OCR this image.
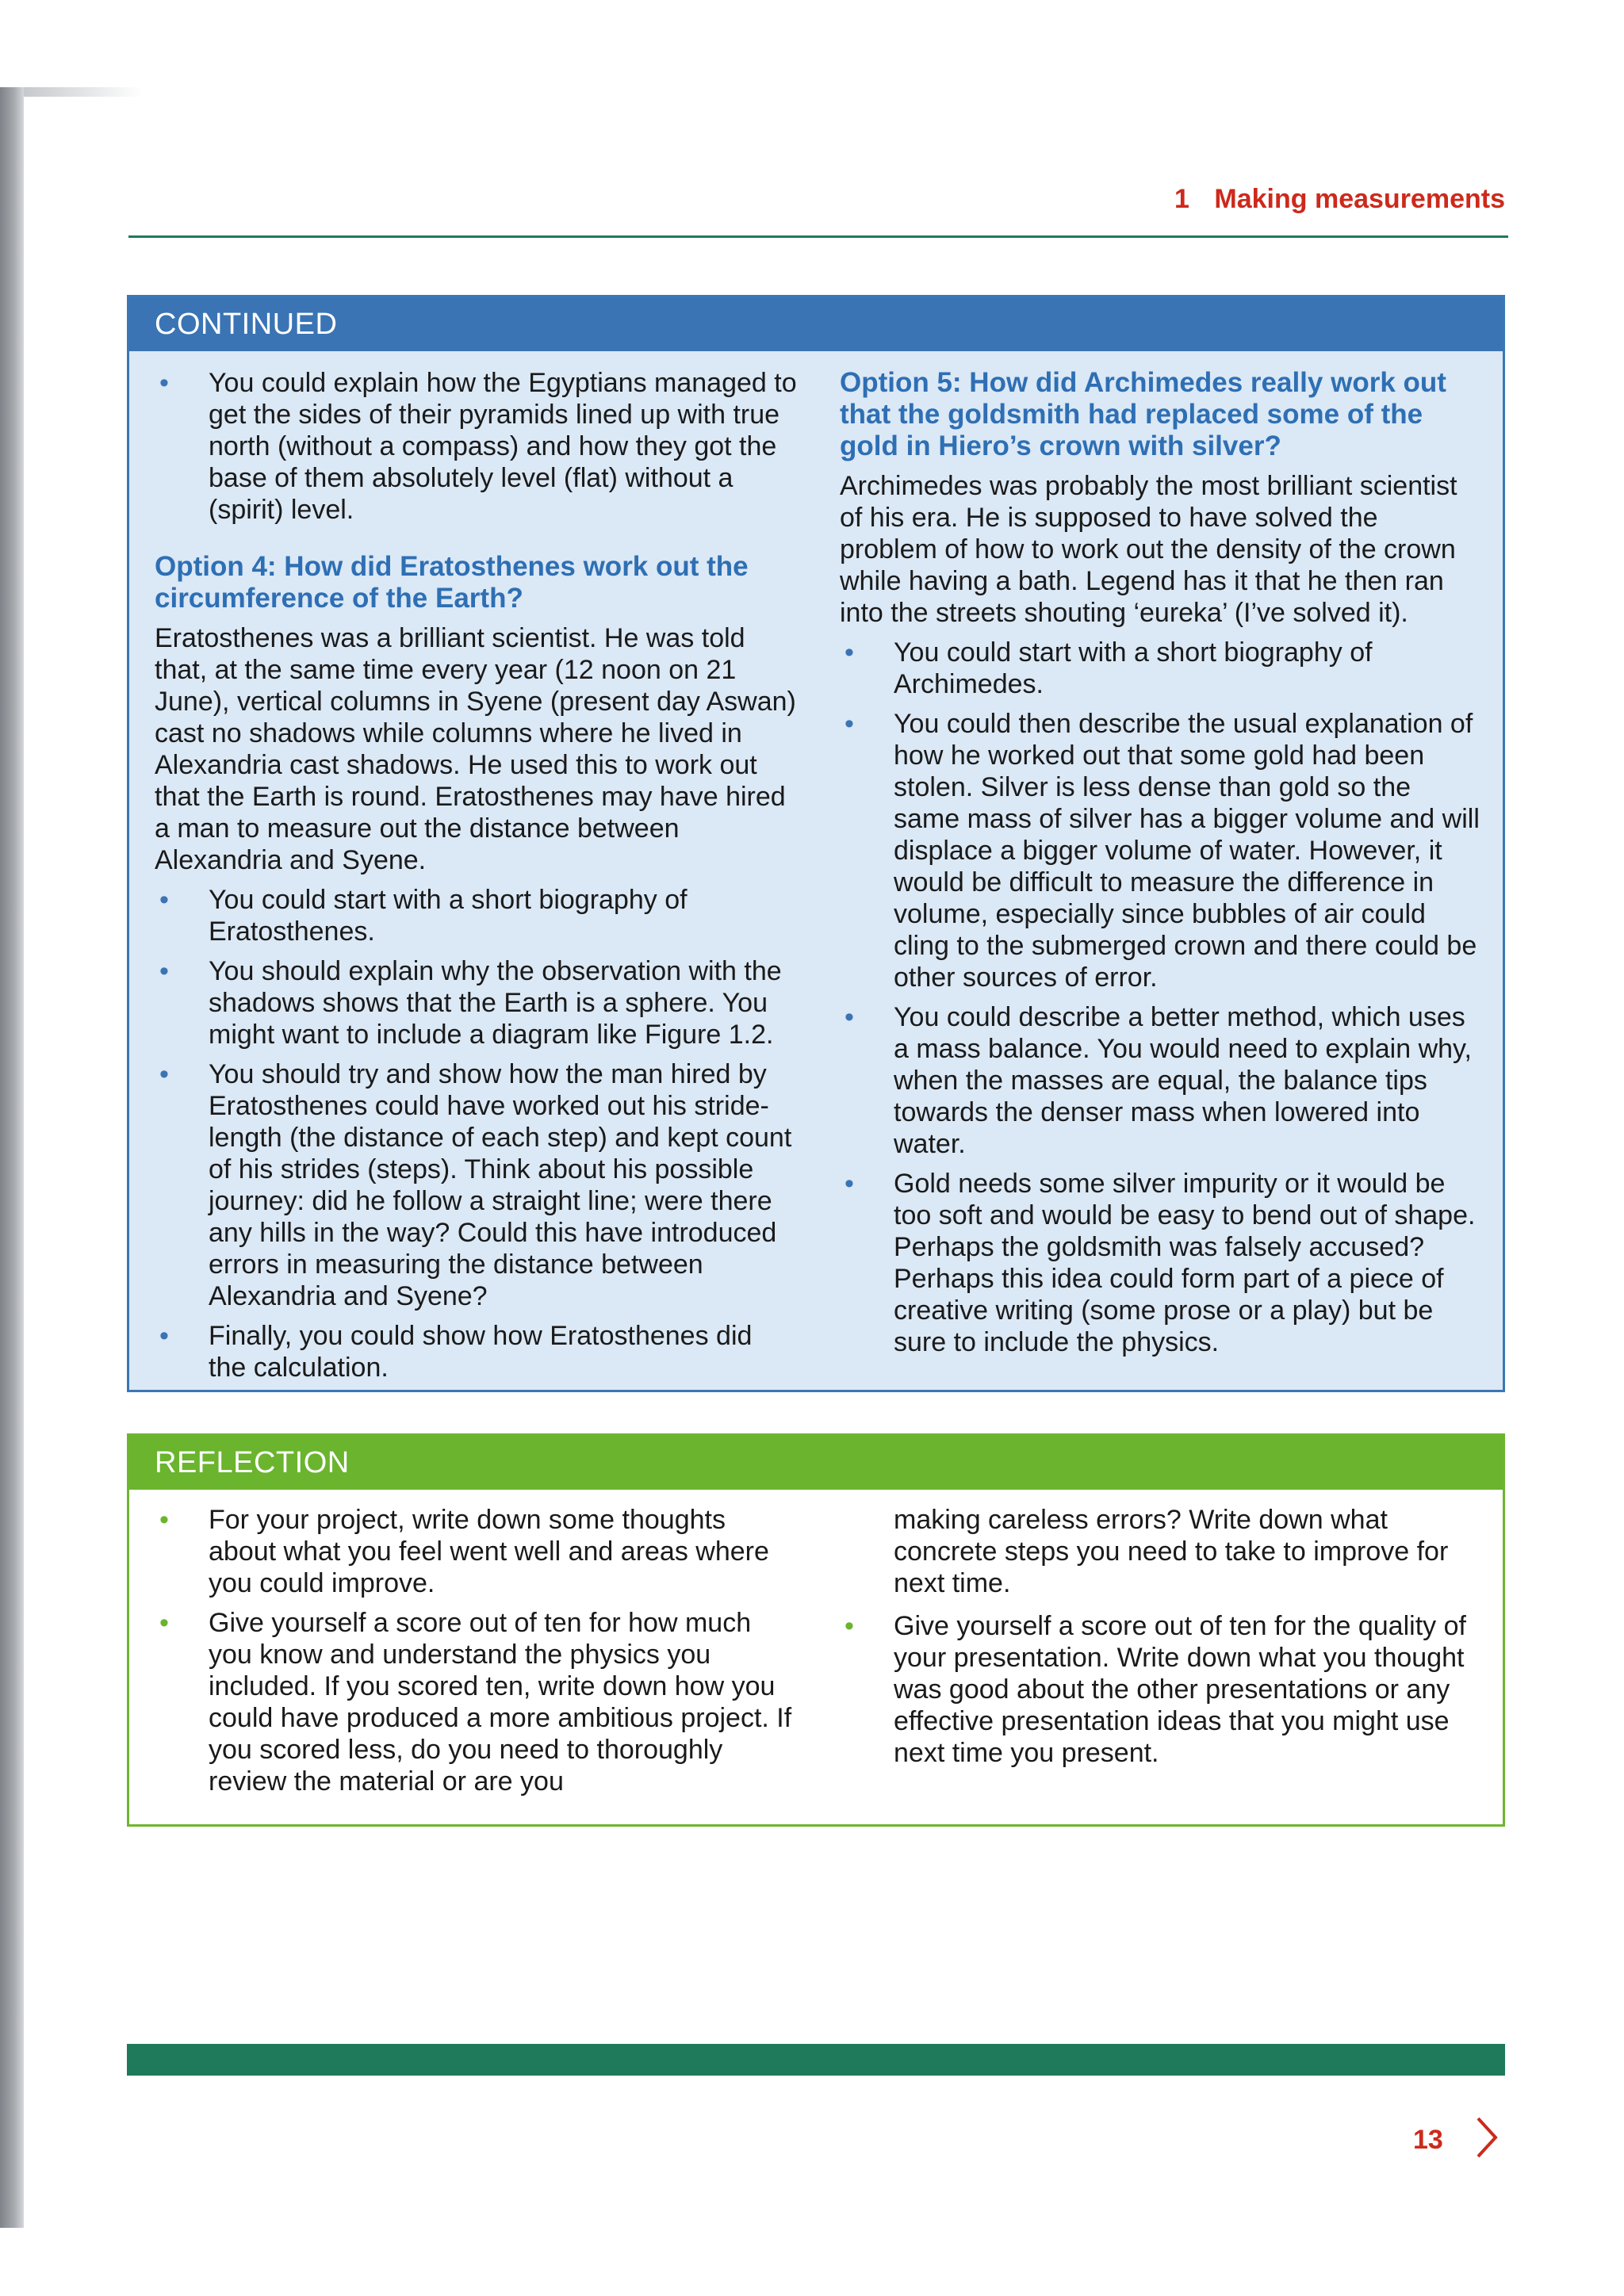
1 Making measurements
CONTINUED
• You could explain how the Egyptians managed to get the sides of their pyramids lined up with true north (without a compass) and how they got the base of them absolutely level (flat) without a (spirit) level.
Option 4: How did Eratosthenes work out the circumference of the Earth?

Eratosthenes was a brilliant scientist. He was told that, at the same time every year (12 noon on 21 June), vertical columns in Syene (present day Aswan) cast no shadows while columns where he lived in Alexandria cast shadows. He used this to work out that the Earth is round. Eratosthenes may have hired a man to measure out the distance between Alexandria and Syene.

• You could start with a short biography of Eratosthenes.
• You should explain why the observation with the shadows shows that the Earth is a sphere. You might want to include a diagram like Figure 1.2.
• You should try and show how the man hired by Eratosthenes could have worked out his stride-length (the distance of each step) and kept count of his strides (steps). Think about his possible journey: did he follow a straight line; were there any hills in the way? Could this have introduced errors in measuring the distance between Alexandria and Syene?
• Finally, you could show how Eratosthenes did the calculation.
Option 5: How did Archimedes really work out that the goldsmith had replaced some of the gold in Hiero’s crown with silver?

Archimedes was probably the most brilliant scientist of his era. He is supposed to have solved the problem of how to work out the density of the crown while having a bath. Legend has it that he then ran into the streets shouting ‘eureka’ (I’ve solved it).

• You could start with a short biography of Archimedes.
• You could then describe the usual explanation of how he worked out that some gold had been stolen. Silver is less dense than gold so the same mass of silver has a bigger volume and will displace a bigger volume of water. However, it would be difficult to measure the difference in volume, especially since bubbles of air could cling to the submerged crown and there could be other sources of error.
• You could describe a better method, which uses a mass balance. You would need to explain why, when the masses are equal, the balance tips towards the denser mass when lowered into water.
• Gold needs some silver impurity or it would be too soft and would be easy to bend out of shape. Perhaps the goldsmith was falsely accused? Perhaps this idea could form part of a piece of creative writing (some prose or a play) but be sure to include the physics.
REFLECTION
• For your project, write down some thoughts about what you feel went well and areas where you could improve.
• Give yourself a score out of ten for how much you know and understand the physics you included. If you scored ten, write down how you could have produced a more ambitious project. If you scored less, do you need to thoroughly review the material or are you

making careless errors? Write down what concrete steps you need to take to improve for next time.

• Give yourself a score out of ten for the quality of your presentation. Write down what you thought was good about the other presentations or any effective presentation ideas that you might use next time you present.
13
